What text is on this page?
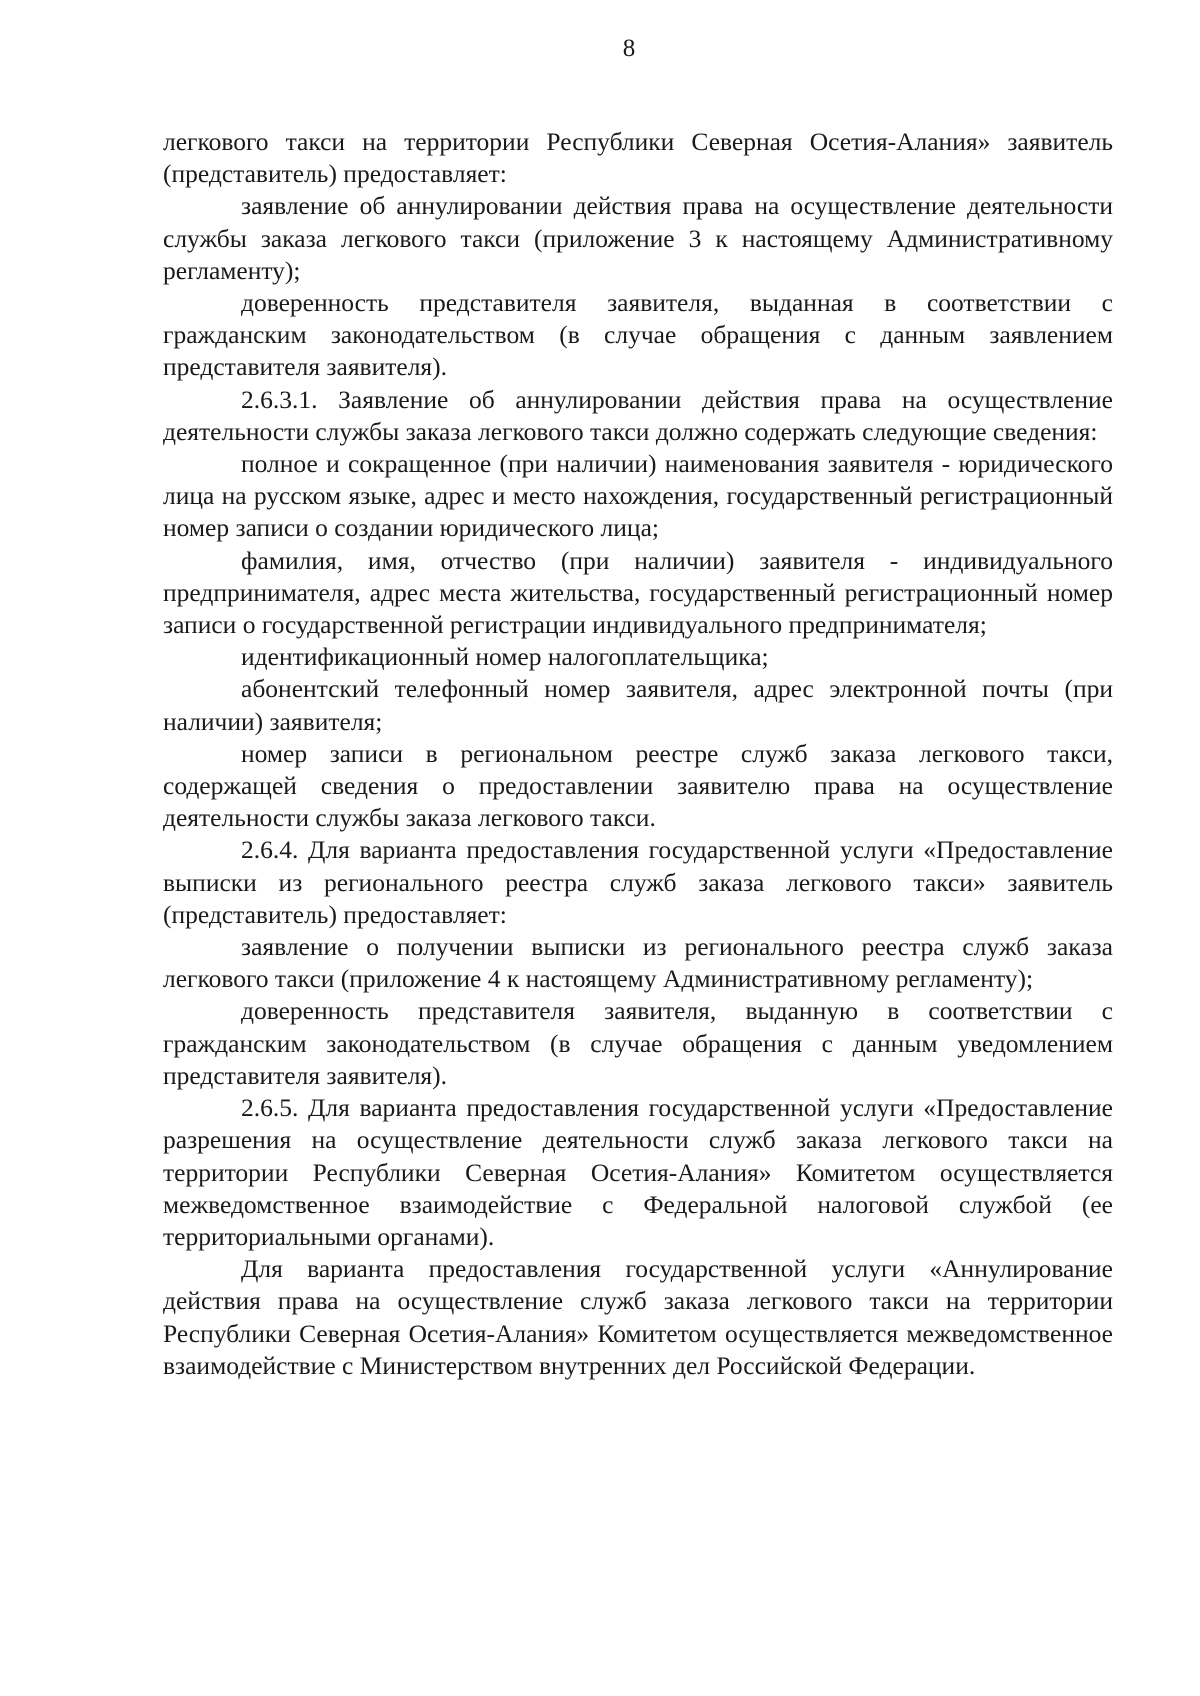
8

легкового такси на территории Республики Северная Осетия-Алания» заявитель (представитель) предоставляет:

заявление об аннулировании действия права на осуществление деятельности службы заказа легкового такси (приложение 3 к настоящему Административному регламенту);

доверенность представителя заявителя, выданная в соответствии с гражданским законодательством (в случае обращения с данным заявлением представителя заявителя).

2.6.3.1. Заявление об аннулировании действия права на осуществление деятельности службы заказа легкового такси должно содержать следующие сведения:

полное и сокращенное (при наличии) наименования заявителя - юридического лица на русском языке, адрес и место нахождения, государственный регистрационный номер записи о создании юридического лица;

фамилия, имя, отчество (при наличии) заявителя - индивидуального предпринимателя, адрес места жительства, государственный регистрационный номер записи о государственной регистрации индивидуального предпринимателя;

идентификационный номер налогоплательщика;

абонентский телефонный номер заявителя, адрес электронной почты (при наличии) заявителя;

номер записи в региональном реестре служб заказа легкового такси, содержащей сведения о предоставлении заявителю права на осуществление деятельности службы заказа легкового такси.

2.6.4. Для варианта предоставления государственной услуги «Предоставление выписки из регионального реестра служб заказа легкового такси» заявитель (представитель) предоставляет:

заявление о получении выписки из регионального реестра служб заказа легкового такси (приложение 4 к настоящему Административному регламенту);

доверенность представителя заявителя, выданную в соответствии с гражданским законодательством (в случае обращения с данным уведомлением представителя заявителя).

2.6.5. Для варианта предоставления государственной услуги «Предоставление разрешения на осуществление деятельности служб заказа легкового такси на территории Республики Северная Осетия-Алания» Комитетом осуществляется межведомственное взаимодействие с Федеральной налоговой службой (ее территориальными органами).

Для варианта предоставления государственной услуги «Аннулирование действия права на осуществление служб заказа легкового такси на территории Республики Северная Осетия-Алания» Комитетом осуществляется межведомственное взаимодействие с Министерством внутренних дел Российской Федерации.
